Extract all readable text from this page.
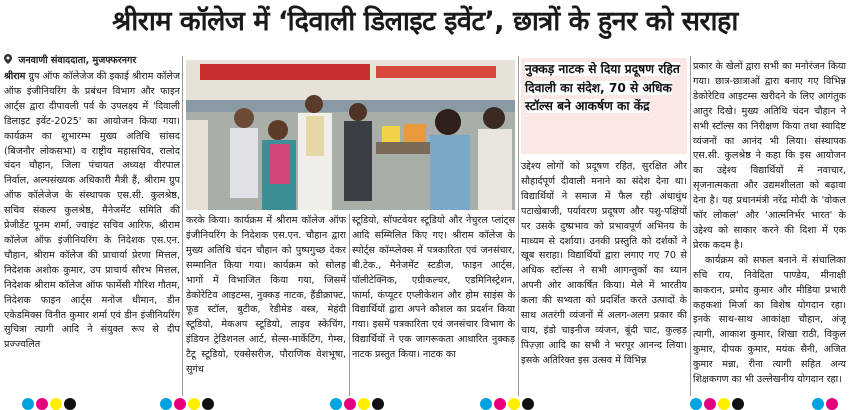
श्रीराम कॉलेज में ‘दिवाली डिलाइट इवेंट’, छात्रों के हुनर को सराहा
जनवाणी संवाददाता, मुजफ्फरनगर

श्रीराम ग्रुप ऑफ कॉलेजेज की इकाई श्रीराम कॉलेज ऑफ इंजीनियरिंग के प्रबंधन विभाग और फाइन आर्ट्स द्वारा दीपावली पर्व के उपलक्ष्य में 'दिवाली डिलाइट इवेंट-2025' का आयोजन किया गया। कार्यक्रम का शुभारम्भ मुख्य अतिथि सांसद (बिजनौर लोकसभा) व राष्ट्रीय महासचिव, रालोद चंदन चौहान, जिला पंचायत अध्यक्ष वीरपाल निर्वाल, अल्पसंख्यक अधिकारी मैत्री हैं, श्रीराम ग्रुप ऑफ कॉलेजेज के संस्थापक एस.सी. कुलश्रेष्ठ, सचिव संकल्प कुलश्रेष्ठ, मैनेजमेंट समिति की प्रेजीडेंट पूनम शर्मा, ज्वाइंट सचिव आरिफ, श्रीराम कॉलेज ऑफ इंजीनियरिंग के निदेशक एस.एन. चौहान, श्रीराम कॉलेज की प्राचार्या प्रेरणा मित्तल, निदेशक अशोक कुमार, उप प्राचार्य सौरभ मित्तल, निदेशक श्रीराम कॉलेज ऑफ फार्मेसी गौरिश गौतम, निदेशक फाइन आर्ट्स मनोज धीमान, डीन एकेडमिक्स विनीत कुमार शर्मा एवं डीन इंजीनियरिंग सुचित्रा त्यागी आदि ने संयुक्त रूप से दीप प्रज्ज्वलित

करके किया। कार्यक्रम में श्रीराम कॉलेज ऑफ इंजीनियरिंग के निदेशक एस.एन. चौहान द्वारा मुख्य अतिथि चंदन चौहान को पुष्पगुच्छ देकर सम्मानित किया गया। कार्यक्रम को सोलह भागों में विभाजित किया गया, जिसमें डेकोरेटिव आइटम्स, नुक्कड़ नाटक, हैंडीक्राफ्ट, फूड स्टॉल, बुटीक, रेडीमेड वस्त्र, मेहंदी स्टूडियो, मेकअप स्टूडियो, लाइव स्केचिंग, इंडियन ट्रेडिशनल आर्ट, सेल्स-मार्केटिंग, गेम्स, टैटू स्टूडियो, एक्सेसरीज, पौराणिक वेशभूषा, सुगंध

स्टूडियो, सॉफ्टवेयर स्टूडियो और नेचुरल प्लांट्स आदि सम्मिलित किए गए। श्रीराम कॉलेज के स्पोर्ट्स कॉम्प्लेक्स में पत्रकारिता एवं जनसंचार, बी.टेक., मैनेजमेंट स्टडीज, फाइन आर्ट्स, पॉलीटेक्निक, एग्रीकल्चर, एडमिनिस्ट्रेशन, फार्मा, कंप्यूटर एप्लीकेशन और होम साइंस के विद्यार्थियों द्वारा अपने कौशल का प्रदर्शन किया गया। इसमें पत्रकारिता एवं जनसंचार विभाग के विद्यार्थियों ने एक जागरूकता आधारित नुक्कड़ नाटक प्रस्तुत किया। नाटक का

नुक्कड़ नाटक से दिया प्रदूषण रहित दिवाली का संदेश, 70 से अधिक स्टॉल्स बने आकर्षण का केंद्र

उद्देश्य लोगों को प्रदूषण रहित, सुरक्षित और सौहार्दपूर्ण दीवाली मनाने का संदेश देना था। विद्यार्थियों ने समाज में फैल रही अंधाधुंध पटाखेबाजी, पर्यावरण प्रदूषण और पशु-पक्षियों पर उसके दुष्प्रभाव को प्रभावपूर्ण अभिनय के माध्यम से दर्शाया। उनकी प्रस्तुति को दर्शकों ने खूब सराहा। विद्यार्थियों द्वारा लगाए गए 70 से अधिक स्टॉल्स ने सभी आगन्तुकों का ध्यान अपनी ओर आकर्षित किया। मेले में भारतीय कला की सभ्यता को प्रदर्शित करते उत्पादों के साथ अतरंगी व्यंजनों में अलग-अलग प्रकार की चाय, इंडो चाइनीज व्यंजन, बूंदी चाट, कुल्हड़ पिज़्ज़ा आदि का सभी ने भरपूर आनन्द लिया। इसके अतिरिक्त इस उत्सव में विभिन्न

प्रकार के खेलों द्वारा सभी का मनोरंजन किया गया। छात्र-छात्राओं द्वारा बनाए गए विभिन्न डेकोरेटिव आइटम्स खरीदने के लिए आगंतुक आतुर दिखे। मुख्य अतिथि चंदन चौहान ने सभी स्टॉल्स का निरीक्षण किया तथा स्वादिष्ट व्यंजनों का आनंद भी लिया। संस्थापक एस.सी. कुलश्रेष्ठ ने कहा कि इस आयोजन का उद्देश्य विद्यार्थियों में नवाचार, सृजनात्मकता और उद्यमशीलता को बढ़ावा देना है। यह प्रधानमंत्री नरेंद्र मोदी के 'वोकल फॉर लोकल' और 'आत्मनिर्भर भारत' के उद्देश्य को साकार करने की दिशा में एक प्रेरक कदम है।

कार्यक्रम को सफल बनाने में संचालिका रुचि राय, निवेदिता पाण्डेय, मीनाक्षी काकरान, प्रमोद कुमार और मीडिया प्रभारी कहकशां मिर्जा का विशेष योगदान रहा। इनके साथ-साथ आकांक्षा चौहान, अंजू त्यागी, आकाश कुमार, शिखा राठी, विकुल कुमार, दीपक कुमार, मयंक सैनी, अजित कुमार मन्ना, रीना त्यागी सहित अन्य शिक्षकगण का भी उल्लेखनीय योगदान रहा।
